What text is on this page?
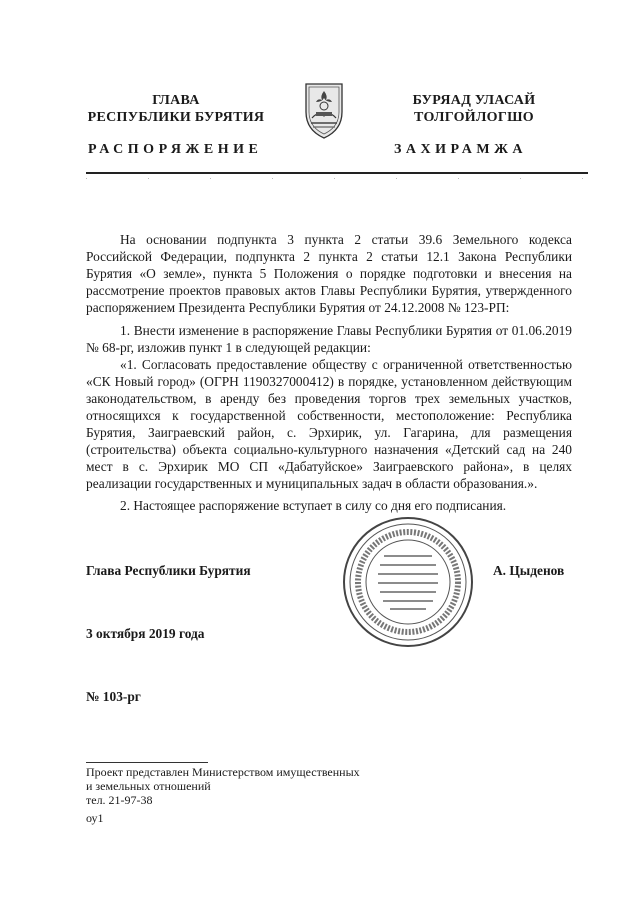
ГЛАВА
РЕСПУБЛИКИ БУРЯТИЯ
БУРЯАД УЛАСАЙ
ТОЛГОЙЛОГШО
РАСПОРЯЖЕНИЕ	ЗАХИРАМЖА
На основании подпункта 3 пункта 2 статьи 39.6 Земельного кодекса Российской Федерации, подпункта 2 пункта 2 статьи 12.1 Закона Республики Бурятия «О земле», пункта 5 Положения о порядке подготовки и внесения на рассмотрение проектов правовых актов Главы Республики Бурятия, утвержденного распоряжением Президента Республики Бурятия от 24.12.2008 № 123-РП:
1. Внести изменение в распоряжение Главы Республики Бурятия от 01.06.2019 № 68-рг, изложив пункт 1 в следующей редакции:
«1. Согласовать предоставление обществу с ограниченной ответственностью «СК Новый город» (ОГРН 1190327000412) в порядке, установленном действующим законодательством, в аренду без проведения торгов трех земельных участков, относящихся к государственной собственности, местоположение: Республика Бурятия, Заиграевский район, с. Эрхирик, ул. Гагарина, для размещения (строительства) объекта социально-культурного назначения «Детский сад на 240 мест в с. Эрхирик МО СП «Дабатуйское» Заиграевского района», в целях реализации государственных и муниципальных задач в области образования.».
2. Настоящее распоряжение вступает в силу со дня его подписания.
Глава Республики Бурятия	А. Цыденов
3 октября 2019 года
№ 103-рг
Проект представлен Министерством имущественных
и земельных отношений
тел. 21-97-38
оу1
